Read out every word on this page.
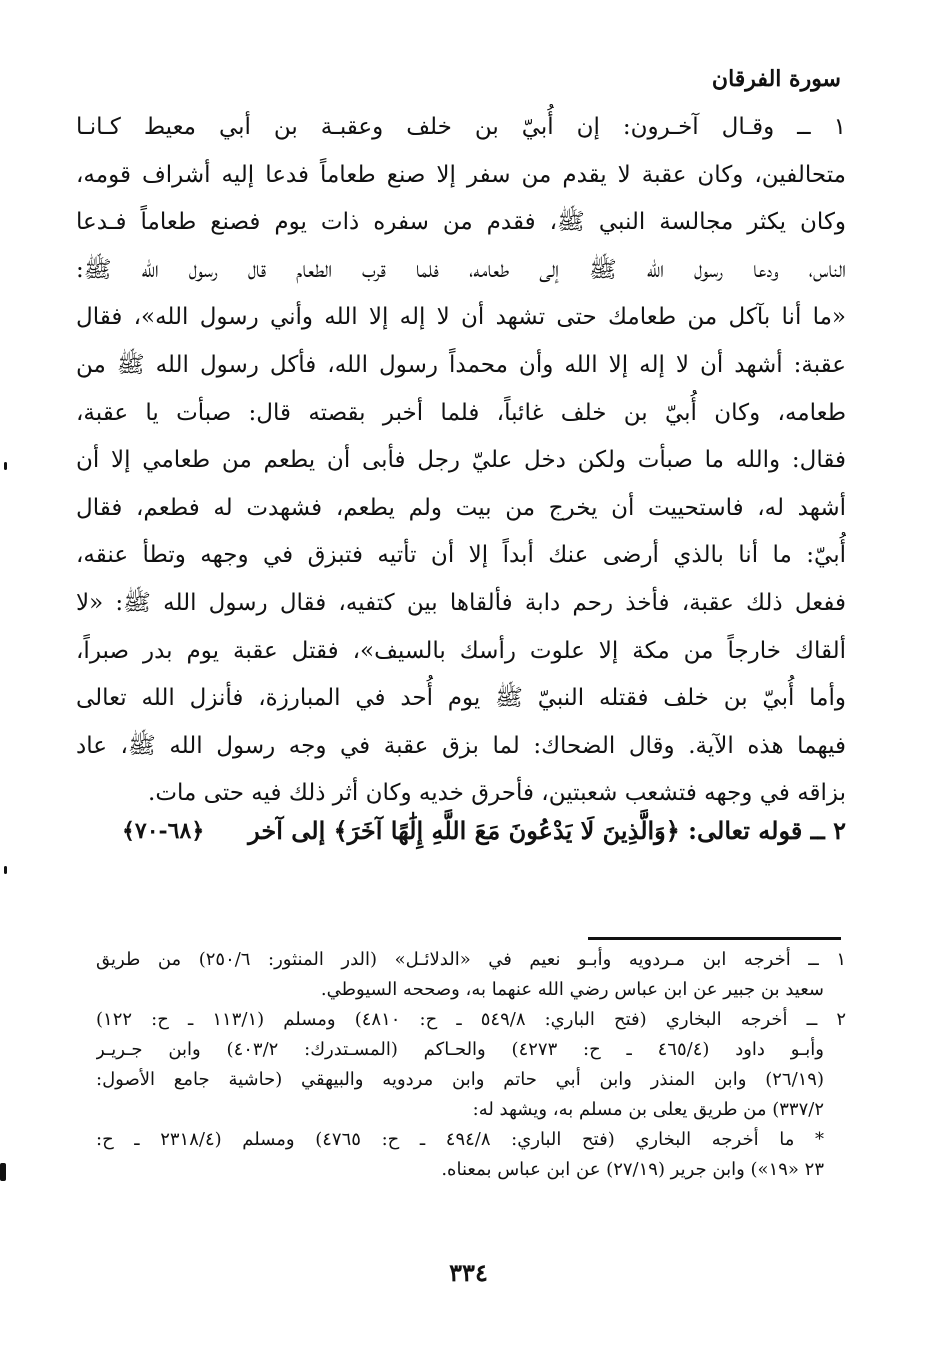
سورة الفرقان
١ ــ وقـال آخـرون: إن أُبيّ بن خلف وعقبـة بن أبي معيط كـانـا
متحالفين، وكان عقبة لا يقدم من سفر إلا صنع طعاماً فدعا إليه أشراف قومه،
وكان يكثر مجالسة النبي ﷺ، فقدم من سفره ذات يوم فصنع طعاماً فـدعا
الناس، ودعا رسول الله ﷺ إلى طعامه، فلما قرب الطعام قال رسول الله ﷺ:
«ما أنا بآكل من طعامك حتى تشهد أن لا إله إلا الله وأني رسول الله»، فقال
عقبة: أشهد أن لا إله إلا الله وأن محمداً رسول الله، فأكل رسول الله ﷺ من
طعامه، وكان أُبيّ بن خلف غائباً، فلما أخبر بقصته قال: صبأت يا عقبة،
فقال: والله ما صبأت ولكن دخل عليّ رجل فأبى أن يطعم من طعامي إلا أن
أشهد له، فاستحييت أن يخرج من بيت ولم يطعم، فشهدت له فطعم، فقال
أُبيّ: ما أنا بالذي أرضى عنك أبداً إلا أن تأتيه فتبزق في وجهه وتطأ عنقه،
ففعل ذلك عقبة، فأخذ رحم دابة فألقاها بين كتفيه، فقال رسول الله ﷺ: «لا
ألقاك خارجاً من مكة إلا علوت رأسك بالسيف»، فقتل عقبة يوم بدر صبراً،
وأما أُبيّ بن خلف فقتله النبيّ ﷺ يوم أُحد في المبارزة، فأنزل الله تعالى
فيهما هذه الآية. وقال الضحاك: لما بزق عقبة في وجه رسول الله ﷺ، عاد
بزاقه في وجهه فتشعب شعبتين، فأحرق خديه وكان أثر ذلك فيه حتى مات.
٢ ــ قوله تعالى: ﴿وَالَّذِينَ لَا يَدْعُونَ مَعَ اللَّهِ إِلَٰهًا آخَرَ﴾ إلى آخر
﴿٦٨-٧٠﴾
١ ــ أخرجه ابن مـردويه وأبـو نعيم في «الدلائـل» (الدر المنثور: ٢٥٠/٦) من طريق
سعيد بن جبير عن ابن عباس رضي الله عنهما به، وصححه السيوطي.
٢ ــ أخرجه البخاري (فتح الباري: ٥٤٩/٨ ـ ح: ٤٨١٠) ومسلم (١١٣/١ ـ ح: ١٢٢)
وأبـو داود (٤٦٥/٤ ـ ح: ٤٢٧٣) والحـاكم (المسـتدرك: ٤٠٣/٢) وابن جـريـر
(٢٦/١٩) وابن المنذر وابن أبي حاتم وابن مردويه والبيهقي (حاشية جامع الأصول:
٣٣٧/٢) من طريق يعلى بن مسلم به، ويشهد له:
* ما أخرجه البخاري (فتح الباري: ٤٩٤/٨ ـ ح: ٤٧٦٥) ومسلم (٢٣١٨/٤ ـ ح:
٢٣ «١٩») وابن جرير (٢٧/١٩) عن ابن عباس بمعناه.
٣٣٤
